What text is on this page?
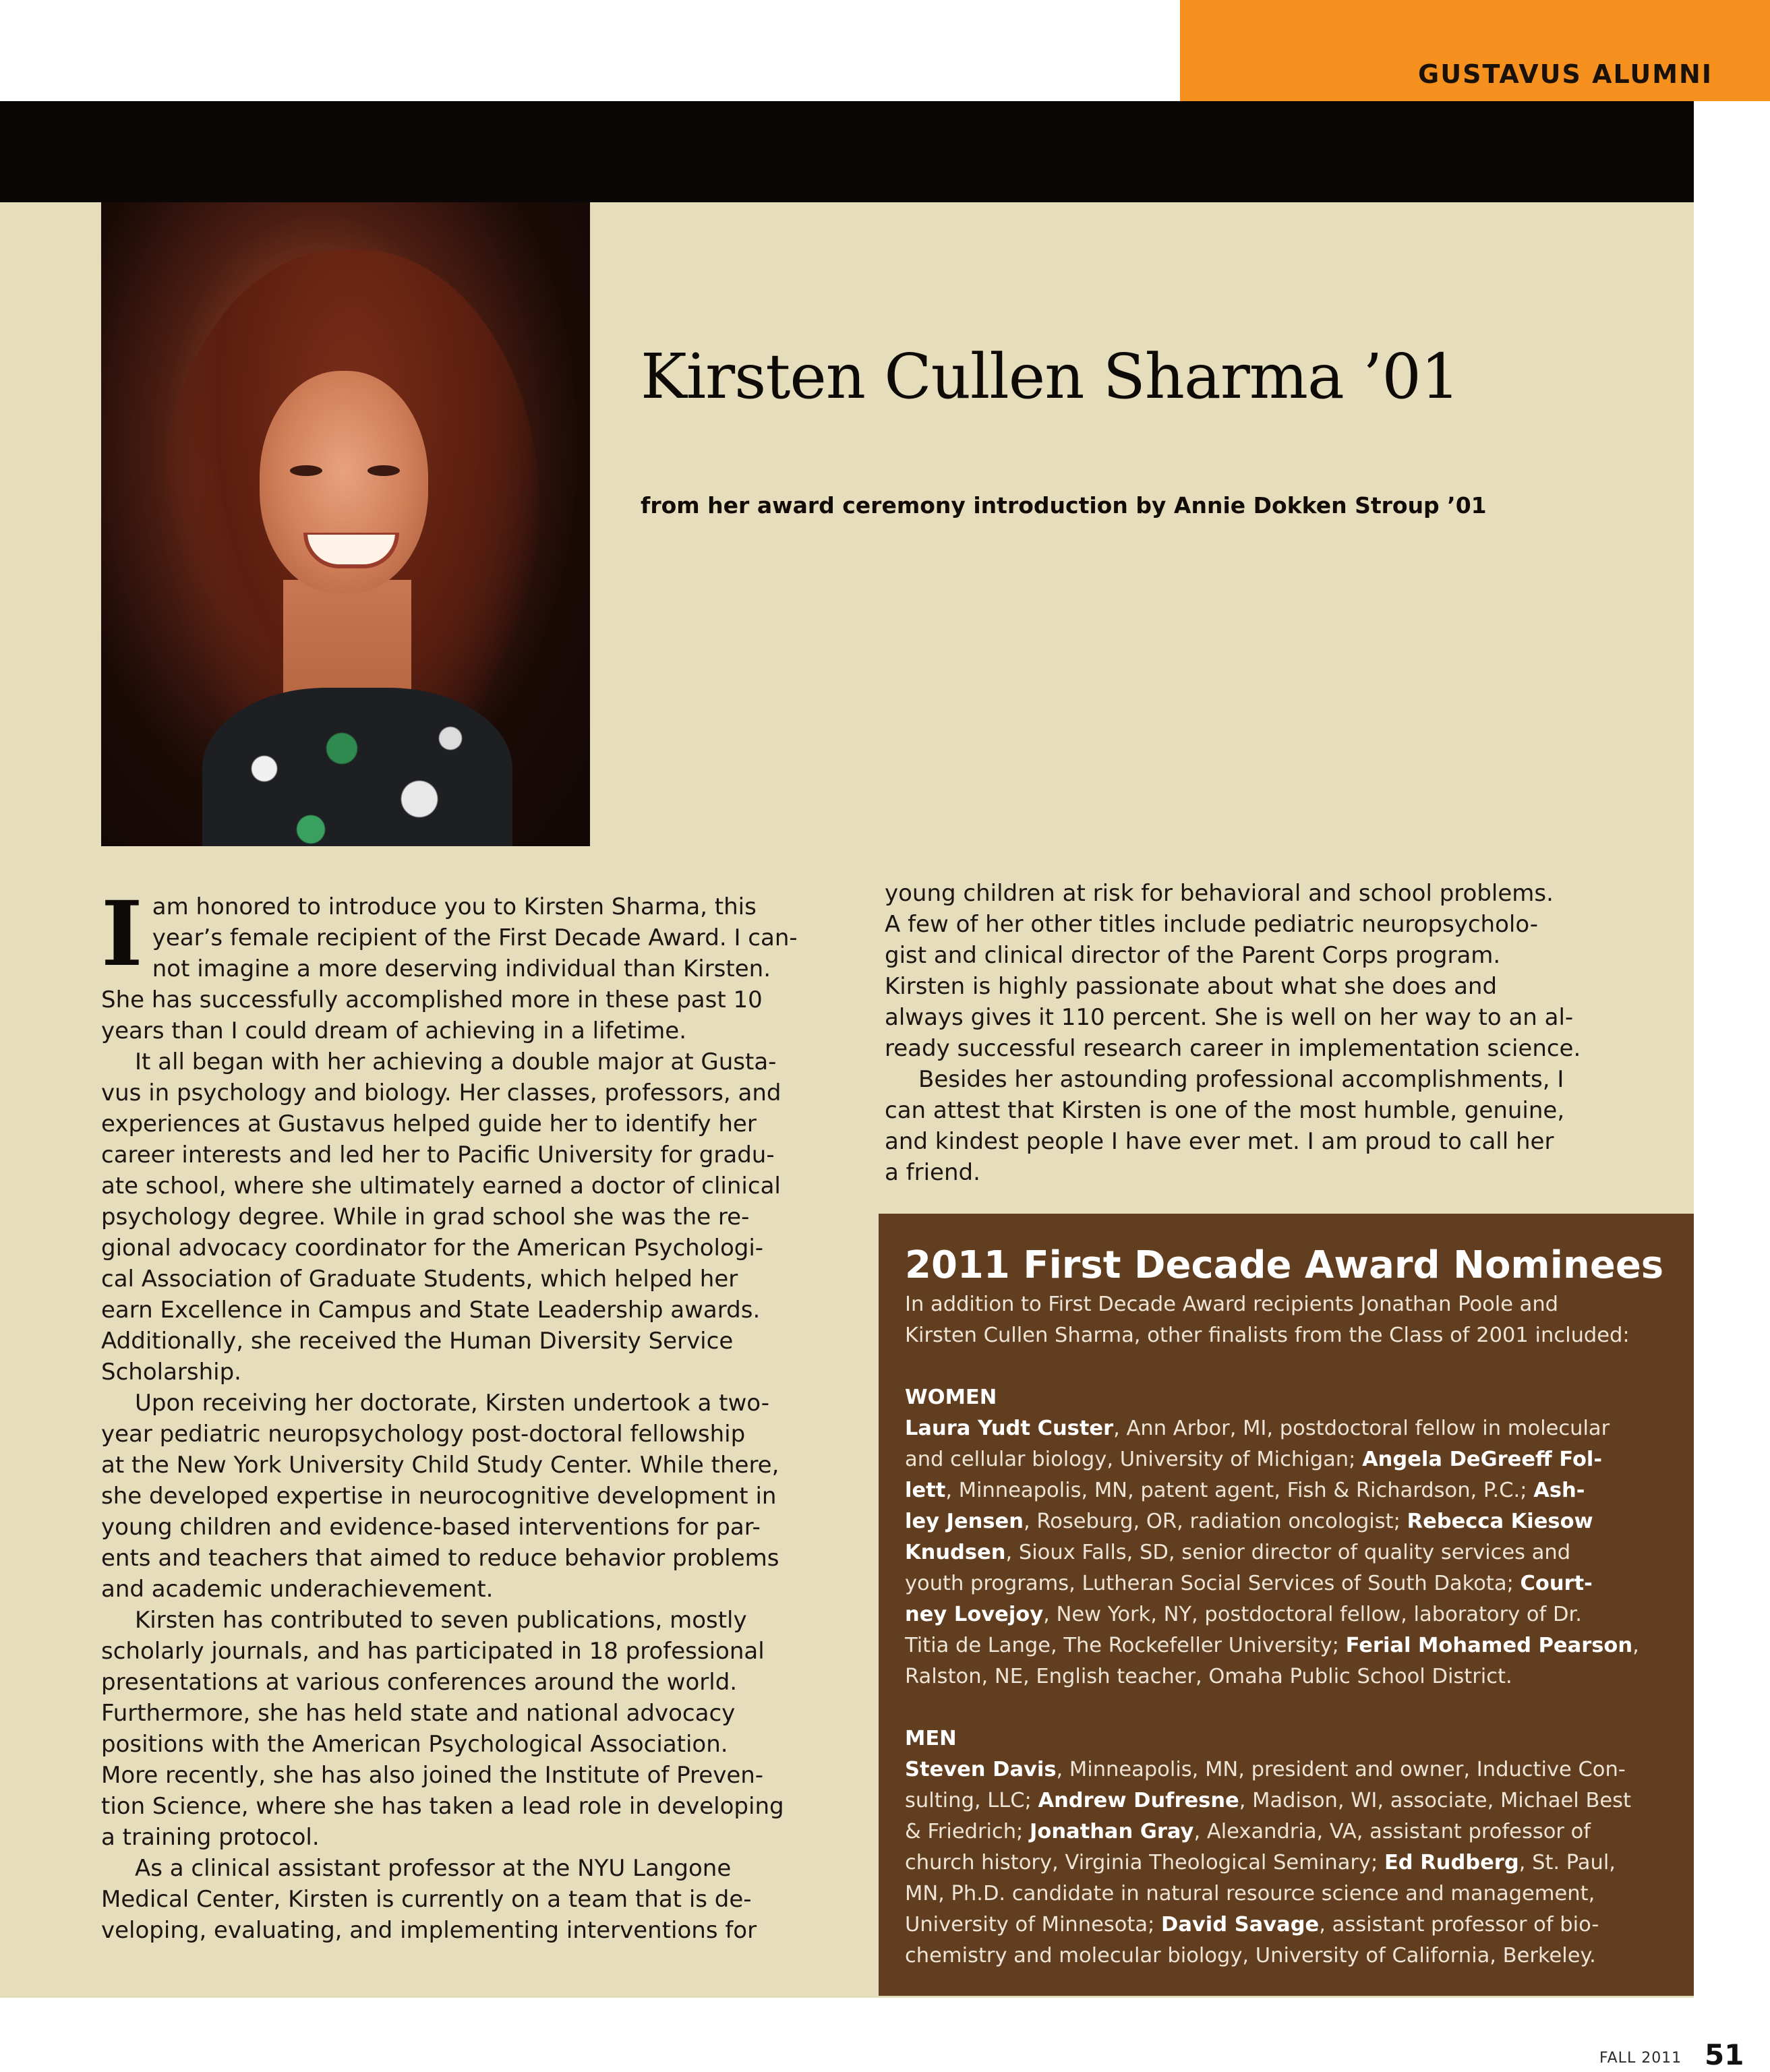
GUSTAVUS ALUMNI
Kirsten Cullen Sharma ’01
from her award ceremony introduction by Annie Dokken Stroup ’01
I am honored to introduce you to Kirsten Sharma, this

year’s female recipient of the First Decade Award. I can-

not imagine a more deserving individual than Kirsten.

She has successfully accomplished more in these past 10

years than I could dream of achieving in a lifetime.

It all began with her achieving a double major at Gusta-

vus in psychology and biology. Her classes, professors, and

experiences at Gustavus helped guide her to identify her

career interests and led her to Pacific University for gradu-

ate school, where she ultimately earned a doctor of clinical

psychology degree. While in grad school she was the re-

gional advocacy coordinator for the American Psychologi-

cal Association of Graduate Students, which helped her

earn Excellence in Campus and State Leadership awards.

Additionally, she received the Human Diversity Service

Scholarship.

Upon receiving her doctorate, Kirsten undertook a two-

year pediatric neuropsychology post-doctoral fellowship

at the New York University Child Study Center. While there,

she developed expertise in neurocognitive development in

young children and evidence-based interventions for par-

ents and teachers that aimed to reduce behavior problems

and academic underachievement.

Kirsten has contributed to seven publications, mostly

scholarly journals, and has participated in 18 professional

presentations at various conferences around the world.

Furthermore, she has held state and national advocacy

positions with the American Psychological Association.

More recently, she has also joined the Institute of Preven-

tion Science, where she has taken a lead role in developing

a training protocol.

As a clinical assistant professor at the NYU Langone

Medical Center, Kirsten is currently on a team that is de-

veloping, evaluating, and implementing interventions for

young children at risk for behavioral and school problems.

A few of her other titles include pediatric neuropsycholo-

gist and clinical director of the Parent Corps program.

Kirsten is highly passionate about what she does and

always gives it 110 percent. She is well on her way to an al-

ready successful research career in implementation science.

Besides her astounding professional accomplishments, I

can attest that Kirsten is one of the most humble, genuine,

and kindest people I have ever met. I am proud to call her

a friend.

2011 First Decade Award Nominees

In addition to First Decade Award recipients Jonathan Poole and

Kirsten Cullen Sharma, other finalists from the Class of 2001 included:

WOMEN

Laura Yudt Custer, Ann Arbor, MI, postdoctoral fellow in molecular

and cellular biology, University of Michigan; Angela DeGreeff Fol-

lett, Minneapolis, MN, patent agent, Fish & Richardson, P.C.; Ash-

ley Jensen, Roseburg, OR, radiation oncologist; Rebecca Kiesow

Knudsen, Sioux Falls, SD, senior director of quality services and

youth programs, Lutheran Social Services of South Dakota; Court-

ney Lovejoy, New York, NY, postdoctoral fellow, laboratory of Dr.

Titia de Lange, The Rockefeller University; Ferial Mohamed Pearson,

Ralston, NE, English teacher, Omaha Public School District.

MEN

Steven Davis, Minneapolis, MN, president and owner, Inductive Con-

sulting, LLC; Andrew Dufresne, Madison, WI, associate, Michael Best

& Friedrich; Jonathan Gray, Alexandria, VA, assistant professor of

church history, Virginia Theological Seminary; Ed Rudberg, St. Paul,

MN, Ph.D. candidate in natural resource science and management,

University of Minnesota; David Savage, assistant professor of bio-

chemistry and molecular biology, University of California, Berkeley.

FALL 2011 51
